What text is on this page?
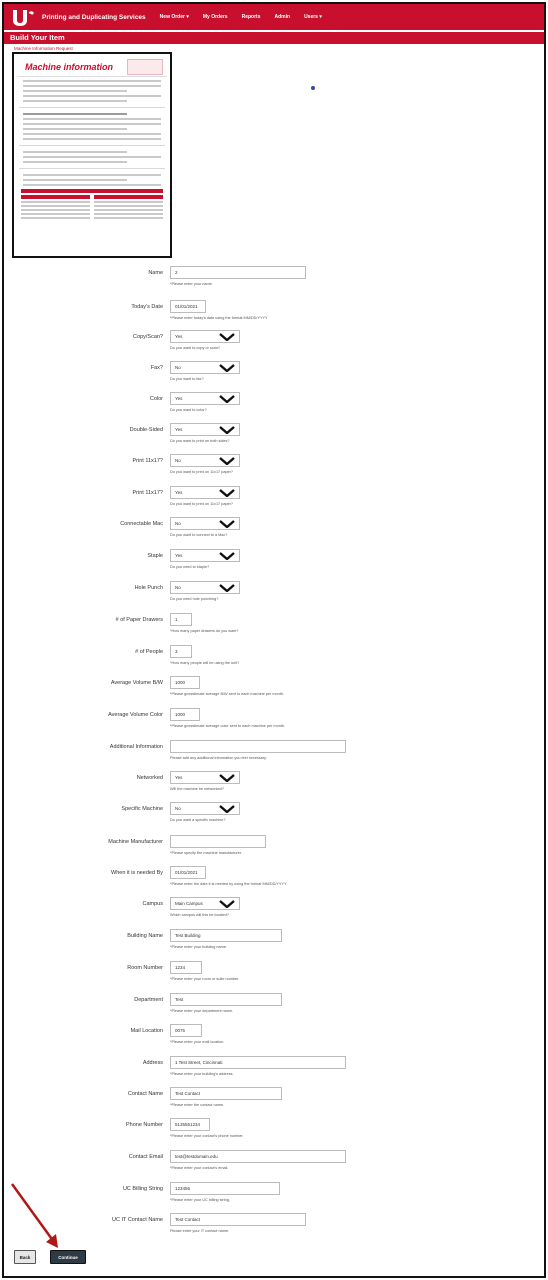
Printing and Duplicating Services	New Order ▾	My Orders	Reports	Admin	Users ▾
Build Your Item
Machine Information Request
Machine information
Name	2
*Please enter your name.
Today's Date	01/01/2021
*Please enter today's date using the format MM/DD/YYYY
Copy/Scan?	Yes
Do you want to copy or scan?
Fax?	No
Do you want to fax?
Color	Yes
Do you want to color?
Double-Sided	Yes
Do you want to print on both sides?
Print 11x17?	No
Do you want to print on 11x17 paper?
Print 11x17?	Yes
Do you want to print on 11x17 paper?
Connectable Mac	No
Do you want to connect to a Mac?
Staple	Yes
Do you need to staple?
Hole Punch	No
Do you need hole punching?
# of Paper Drawers	1
*How many paper drawers do you want?
# of People	3
*How many people will be using the unit?
Average Volume B/W	1000
*Please guesstimate average B/W sent to each machine per month.
Average Volume Color	1000
*Please guesstimate average color sent to each machine per month.
Additional Information
Please add any additional information you feel necessary.
Networked	Yes
Will the machine be networked?
Specific Machine	No
Do you want a specific machine?
Machine Manufacturer
*Please specify the machine manufacturer.
When it is needed By	01/01/2021
*Please enter the date it is needed by using the format MM/DD/YYYY
Campus	Main Campus
Which campus will this be located?
Building Name	Test Building
*Please enter your building name.
Room Number	1234
*Please enter your room or suite number.
Department	Test
*Please enter your department name.
Mail Location	0075
*Please enter your mail location.
Address	1 Test Street, Cincinnati
*Please enter your building's address.
Contact Name	Test Contact
*Please enter the contact name.
Phone Number	5135551234
*Please enter your contact's phone number.
Contact Email	test@testdomain.edu
*Please enter your contact's email.
UC Billing String	123456
*Please enter your UC billing string.
UC IT Contact Name	Test Contact
Please enter your IT contact name.
Back	Continue
